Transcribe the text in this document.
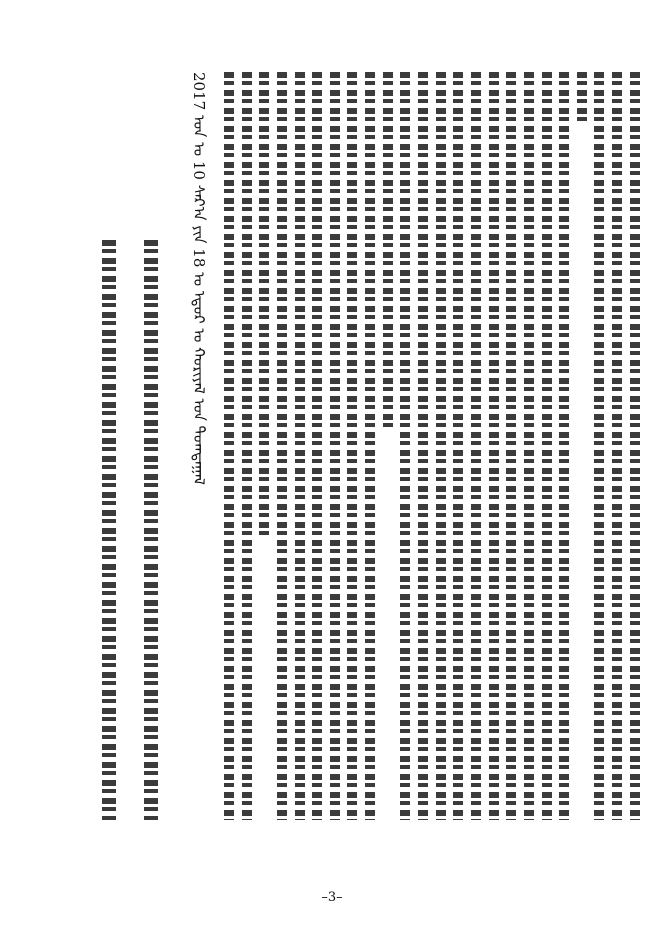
2017 ᠣᠨ ᠤ 10 ᠰᠠᠷ᠎ᠠ ᠶᠢᠨ 18 ᠤ ᠡᠳᠦᠷ ᠤ ᠬᠤᠷᠢᠶᠠᠯ ᠤᠨ ᠲᠣᠭᠲᠠᠭᠠᠯ
–3–
